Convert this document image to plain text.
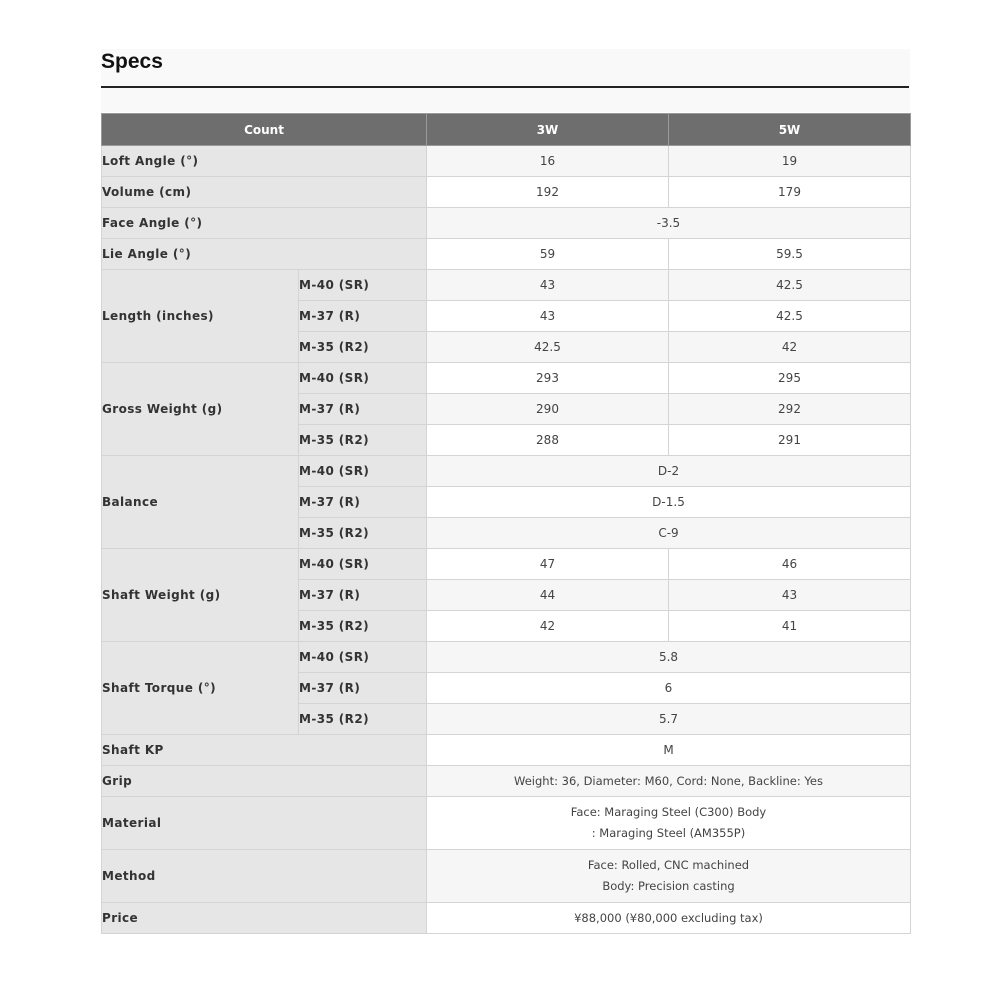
Specs
Count		3W	5W
Loft Angle (°)		16	19
Volume (cm)		192	179
Face Angle (°)		-3.5	
Lie Angle (°)		59	59.5
Length (inches)	M-40 (SR)	43	42.5
	M-37 (R)	43	42.5
	M-35 (R2)	42.5	42
Gross Weight (g)	M-40 (SR)	293	295
	M-37 (R)	290	292
	M-35 (R2)	288	291
Balance	M-40 (SR)	D-2	
	M-37 (R)	D-1.5	
	M-35 (R2)	C-9	
Shaft Weight (g)	M-40 (SR)	47	46
	M-37 (R)	44	43
	M-35 (R2)	42	41
Shaft Torque (°)	M-40 (SR)	5.8	
	M-37 (R)	6	
	M-35 (R2)	5.7	
Shaft KP		M	
Grip		Weight: 36, Diameter: M60, Cord: None, Backline: Yes	
Material		Face: Maraging Steel (C300) Body
: Maraging Steel (AM355P)	

Method		Face: Rolled, CNC machined
Body: Precision casting	

Price		¥88,000 (¥80,000 excluding tax)	
